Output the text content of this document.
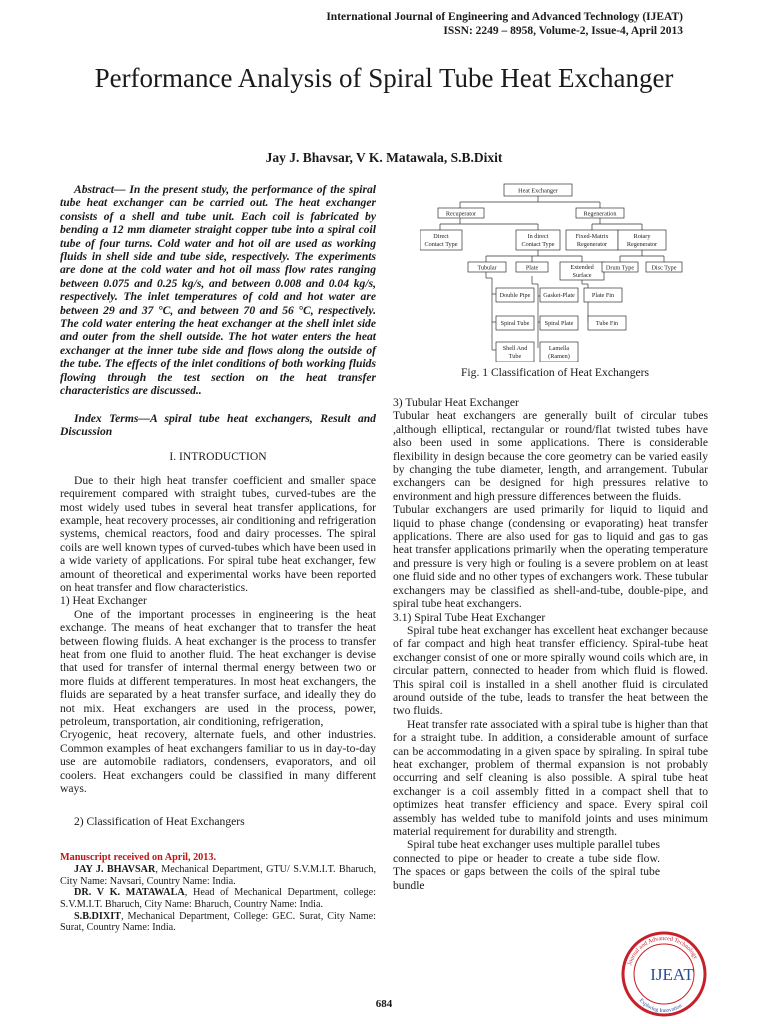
International Journal of Engineering and Advanced Technology (IJEAT)
ISSN: 2249 – 8958, Volume-2, Issue-4, April 2013
Performance Analysis of Spiral Tube Heat Exchanger
Jay J. Bhavsar, V K. Matawala, S.B.Dixit

Abstract— In the present study, the performance of the spiral tube heat exchanger can be carried out. The heat exchanger consists of a shell and tube unit. Each coil is fabricated by bending a 12 mm diameter straight copper tube into a spiral coil tube of four turns. Cold water and hot oil are used as working fluids in shell side and tube side, respectively. The experiments are done at the cold water and hot oil mass flow rates ranging between 0.075 and 0.25 kg/s, and between 0.008 and 0.04 kg/s, respectively. The inlet temperatures of cold and hot water are between 29 and 37 °C, and between 70 and 56 °C, respectively. The cold water entering the heat exchanger at the shell inlet side and outer from the shell outside. The hot water enters the heat exchanger at the inner tube side and flows along the outside of the tube. The effects of the inlet conditions of both working fluids flowing through the test section on the heat transfer characteristics are discussed..

Index Terms—A spiral tube heat exchangers, Result and Discussion

I. INTRODUCTION

Due to their high heat transfer coefficient and smaller space requirement compared with straight tubes, curved-tubes are the most widely used tubes in several heat transfer applications, for example, heat recovery processes, air conditioning and refrigeration systems, chemical reactors, food and dairy processes. The spiral coils are well known types of curved-tubes which have been used in a wide variety of applications. For spiral tube heat exchanger, few amount of theoretical and experimental works have been reported on heat transfer and flow characteristics.

1) Heat Exchanger

One of the important processes in engineering is the heat exchange. The means of heat exchanger that to transfer the heat between flowing fluids. A heat exchanger is the process to transfer heat from one fluid to another fluid. The heat exchanger is devise that used for transfer of internal thermal energy between two or more fluids at different temperatures. In most heat exchangers, the fluids are separated by a heat transfer surface, and ideally they do not mix. Heat exchangers are used in the process, power, petroleum, transportation, air conditioning, refrigeration,

Cryogenic, heat recovery, alternate fuels, and other industries. Common examples of heat exchangers familiar to us in day-to-day use are automobile radiators, condensers, evaporators, and oil coolers. Heat exchangers could be classified in many different ways.

2) Classification of Heat Exchangers

Manuscript received on April, 2013.

JAY J. BHAVSAR, Mechanical Department, GTU/ S.V.M.I.T. Bharuch, City Name: Navsari, Country Name: India.

DR. V K. MATAWALA, Head of Mechanical Department, college: S.V.M.I.T. Bharuch, City Name: Bharuch, Country Name: India.

S.B.DIXIT, Mechanical Department, College: GEC. Surat, City Name: Surat, Country Name: India.

Heat Exchanger
Recuperator	Regeneration
Direct
Contact Type
In direct
Contact Type
Fixed-Matrix
Regenerator
Rotary
Regenerator
Tubular	Plate	Extended
Surface
Drum Type	Disc Type
Double Pipe Gasket-Plate	Plate Fin
Spiral Tube Spiral Plate	Tube Fin
Shell And
Tube
Lamella
(Ramen)
Fig. 1 Classification of Heat Exchangers

3) Tubular Heat Exchanger

Tubular heat exchangers are generally built of circular tubes ,although elliptical, rectangular or round/flat twisted tubes have also been used in some applications. There is considerable flexibility in design because the core geometry can be varied easily by changing the tube diameter, length, and arrangement. Tubular exchangers can be designed for high pressures relative to environment and high pressure differences between the fluids.

Tubular exchangers are used primarily for liquid to liquid and liquid to phase change (condensing or evaporating) heat transfer applications. There are also used for gas to liquid and gas to gas heat transfer applications primarily when the operating temperature and pressure is very high or fouling is a severe problem on at least one fluid side and no other types of exchangers work. These tubular exchangers may be classified as shell-and-tube, double-pipe, and spiral tube heat exchangers.

3.1) Spiral Tube Heat Exchanger

Spiral tube heat exchanger has excellent heat exchanger because of far compact and high heat transfer efficiency. Spiral-tube heat exchanger consist of one or more spirally wound coils which are, in circular pattern, connected to header from which fluid is flowed. This spiral coil is installed in a shell another fluid is circulated around outside of the tube, leads to transfer the heat between the two fluids.

Heat transfer rate associated with a spiral tube is higher than that for a straight tube. In addition, a considerable amount of surface can be accommodating in a given space by spiraling. In spiral tube heat exchanger, problem of thermal expansion is not probably occurring and self cleaning is also possible. A spiral tube heat exchanger is a coil assembly fitted in a compact shell that to optimizes heat transfer efficiency and space. Every spiral coil assembly has welded tube to manifold joints and uses minimum material requirement for durability and strength.

Spiral tube heat exchanger uses multiple parallel tubes connected to pipe or header to create a tube side flow. The spaces or gaps between the coils of the spiral tube bundle

Journal and Advanced Technology
Exploring Innovation
IJEAT
684
